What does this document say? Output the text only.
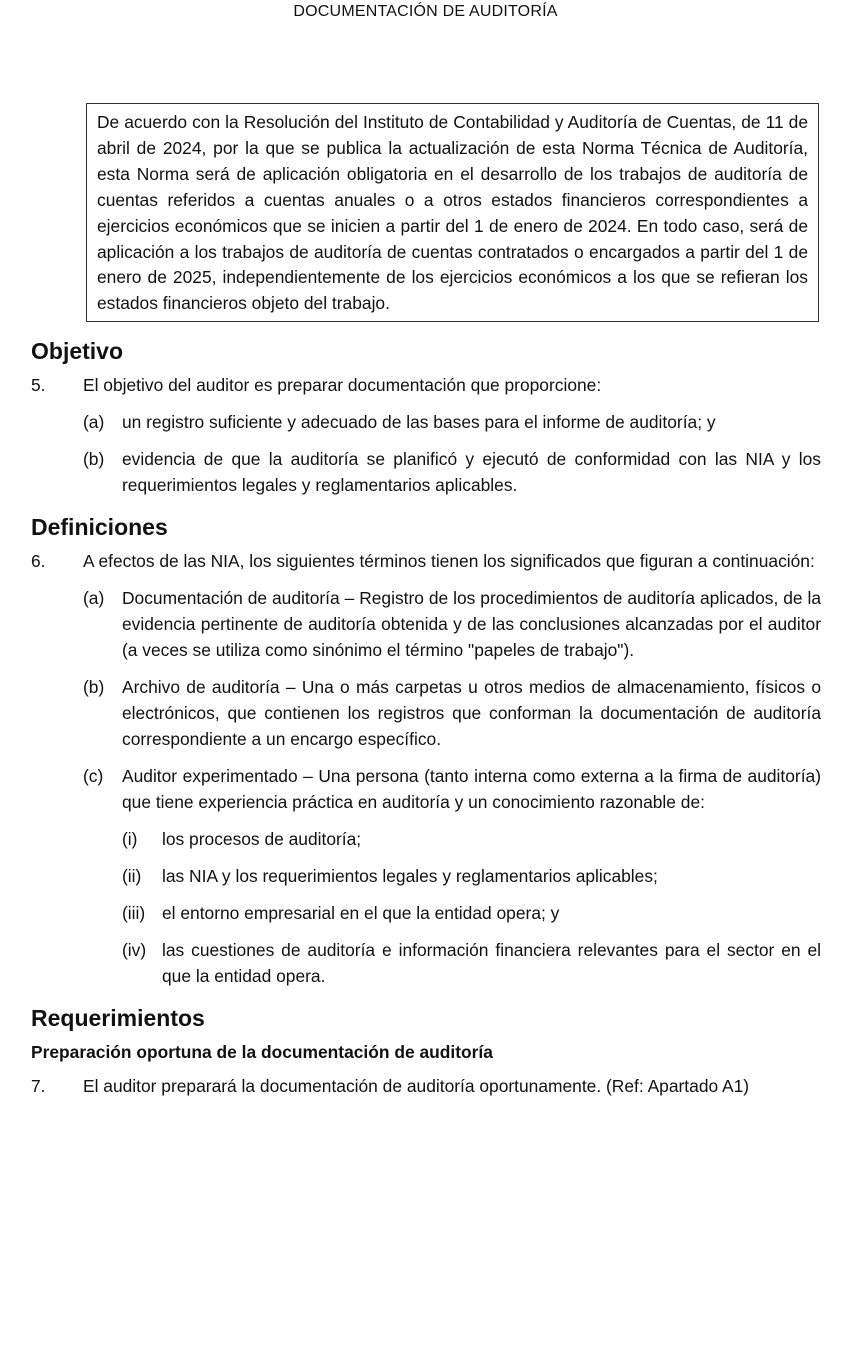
DOCUMENTACIÓN DE AUDITORÍA
De acuerdo con la Resolución del Instituto de Contabilidad y Auditoría de Cuentas, de 11 de abril de 2024, por la que se publica la actualización de esta Norma Técnica de Auditoría, esta Norma será de aplicación obligatoria en el desarrollo de los trabajos de auditoría de cuentas referidos a cuentas anuales o a otros estados financieros correspondientes a ejercicios económicos que se inicien a partir del 1 de enero de 2024. En todo caso, será de aplicación a los trabajos de auditoría de cuentas contratados o encargados a partir del 1 de enero de 2025, independientemente de los ejercicios económicos a los que se refieran los estados financieros objeto del trabajo.
Objetivo
5.	El objetivo del auditor es preparar documentación que proporcione:
(a)	un registro suficiente y adecuado de las bases para el informe de auditoría; y
(b)	evidencia de que la auditoría se planificó y ejecutó de conformidad con las NIA y los requerimientos legales y reglamentarios aplicables.
Definiciones
6.	A efectos de las NIA, los siguientes términos tienen los significados que figuran a continuación:
(a)	Documentación de auditoría – Registro de los procedimientos de auditoría aplicados, de la evidencia pertinente de auditoría obtenida y de las conclusiones alcanzadas por el auditor (a veces se utiliza como sinónimo el término "papeles de trabajo").
(b)	Archivo de auditoría – Una o más carpetas u otros medios de almacenamiento, físicos o electrónicos, que contienen los registros que conforman la documentación de auditoría correspondiente a un encargo específico.
(c)	Auditor experimentado – Una persona (tanto interna como externa a la firma de auditoría) que tiene experiencia práctica en auditoría y un conocimiento razonable de:
(i)	los procesos de auditoría;
(ii)	las NIA y los requerimientos legales y reglamentarios aplicables;
(iii) el entorno empresarial en el que la entidad opera; y
(iv) las cuestiones de auditoría e información financiera relevantes para el sector en el que la entidad opera.
Requerimientos
Preparación oportuna de la documentación de auditoría
7.	El auditor preparará la documentación de auditoría oportunamente. (Ref: Apartado A1)
